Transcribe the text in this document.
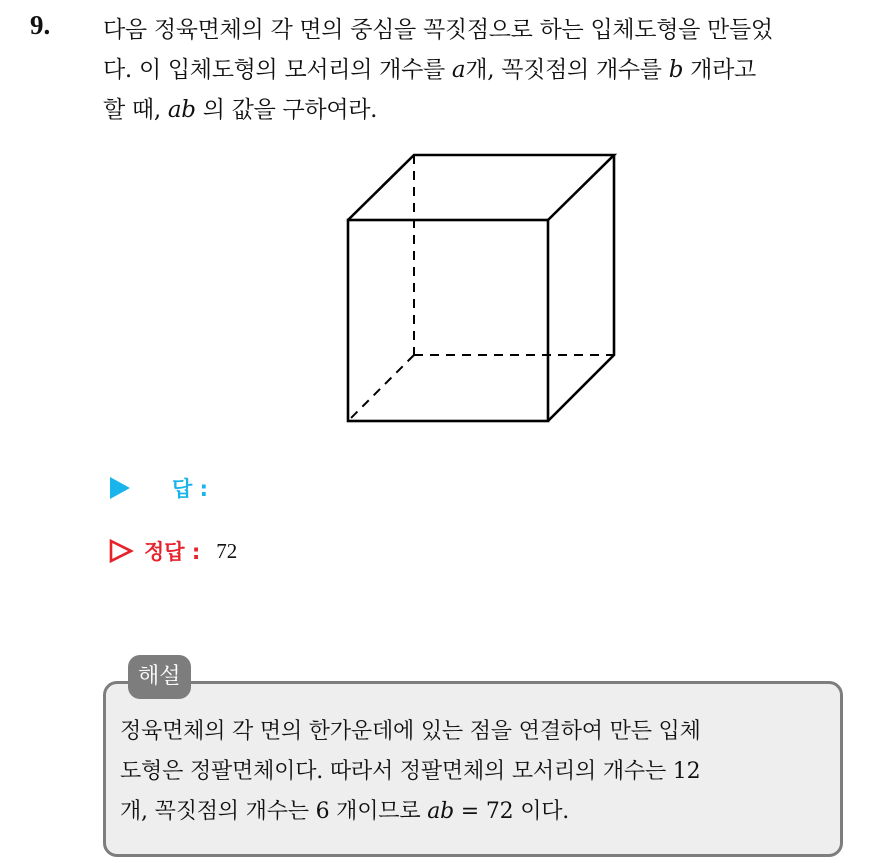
9. 다음 정육면체의 각 면의 중심을 꼭짓점으로 하는 입체도형을 만들었
다. 이 입체도형의 모서리의 개수를 a개, 꼭짓점의 개수를 b 개라고
할 때, ab 의 값을 구하여라.
답 :
정답 : 72
해설
정육면체의 각 면의 한가운데에 있는 점을 연결하여 만든 입체
도형은 정팔면체이다. 따라서 정팔면체의 모서리의 개수는 12
개, 꼭짓점의 개수는 6 개이므로 ab = 72 이다.
